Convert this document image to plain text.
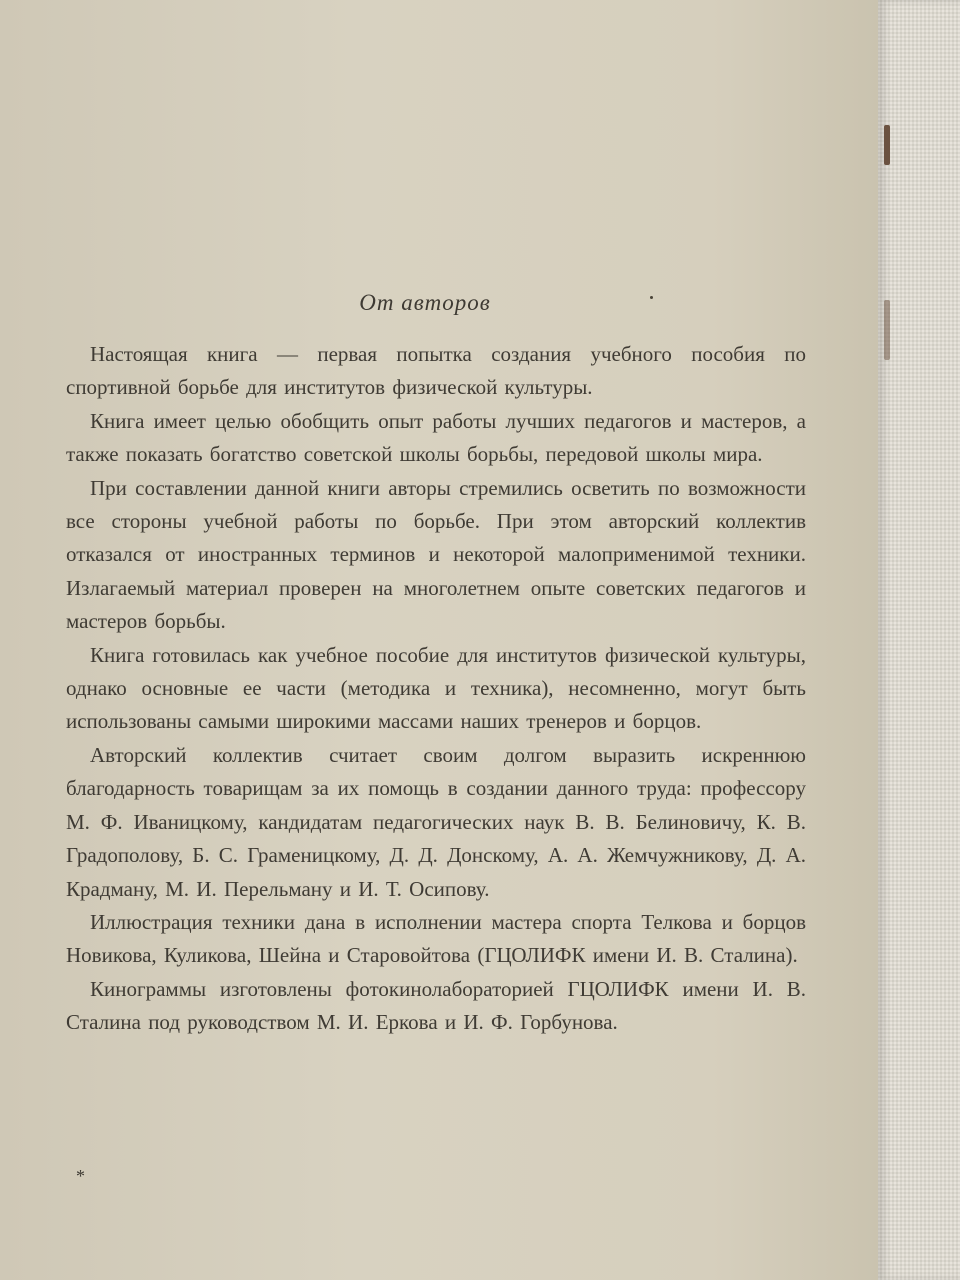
От авторов

Настоящая книга — первая попытка создания учебного пособия по спортивной борьбе для институтов физической культуры.

Книга имеет целью обобщить опыт работы лучших педагогов и мастеров, а также показать богатство советской школы борьбы, передовой школы мира.

При составлении данной книги авторы стремились осветить по возможности все стороны учебной работы по борьбе. При этом авторский коллектив отказался от иностранных терминов и некоторой малоприменимой техники. Излагаемый материал проверен на многолетнем опыте советских педагогов и мастеров борьбы.

Книга готовилась как учебное пособие для институтов физической культуры, однако основные ее части (методика и техника), несомненно, могут быть использованы самыми широкими массами наших тренеров и борцов.

Авторский коллектив считает своим долгом выразить искреннюю благодарность товарищам за их помощь в создании данного труда: профессору М. Ф. Иваницкому, кандидатам педагогических наук В. В. Белиновичу, К. В. Градополову, Б. С. Граменицкому, Д. Д. Донскому, А. А. Жемчужникову, Д. А. Крадману, М. И. Перельману и И. Т. Осипову.

Иллюстрация техники дана в исполнении мастера спорта Телкова и борцов Новикова, Куликова, Шейна и Старовойтова (ГЦОЛИФК имени И. В. Сталина).

Кинограммы изготовлены фотокинолабораторией ГЦОЛИФК имени И. В. Сталина под руководством М. И. Еркова и И. Ф. Горбунова.

*
